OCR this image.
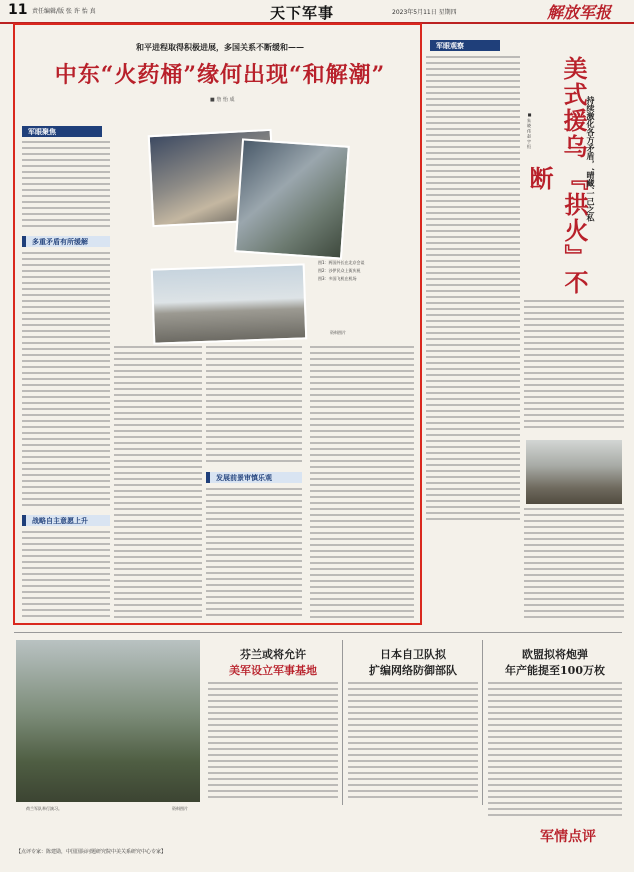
11 责任编辑/版 张 许 怡 真	天下军事	2023年5月11日 星期四	解放军报
和平进程取得积极进展，多国关系不断缓和——
中东“火药桶”缘何出现“和解潮”
■ 詹 怡 成
军眼聚焦
多重矛盾有所缓解
战略自主意愿上升
图1：两国外长在北京会谈
图2：沙伊民众上街庆祝
图3：多国飞机在机场
资料图片
发展前景审慎乐观
军眼观察
美式援乌
『拱火』不断	持续激化各方矛盾，‘晴藏’一己之私
■ 朱 晓 伟 赵 宇 恒
荷兰军队举行演习。	资料图片
芬兰或将允许
美军设立军事基地
日本自卫队拟
扩编网络防御部队
欧盟拟将炮弹
年产能提至100万枚
【点评专家：陈建勋，中国国际问题研究院中美关系研究中心专家】
军情点评
